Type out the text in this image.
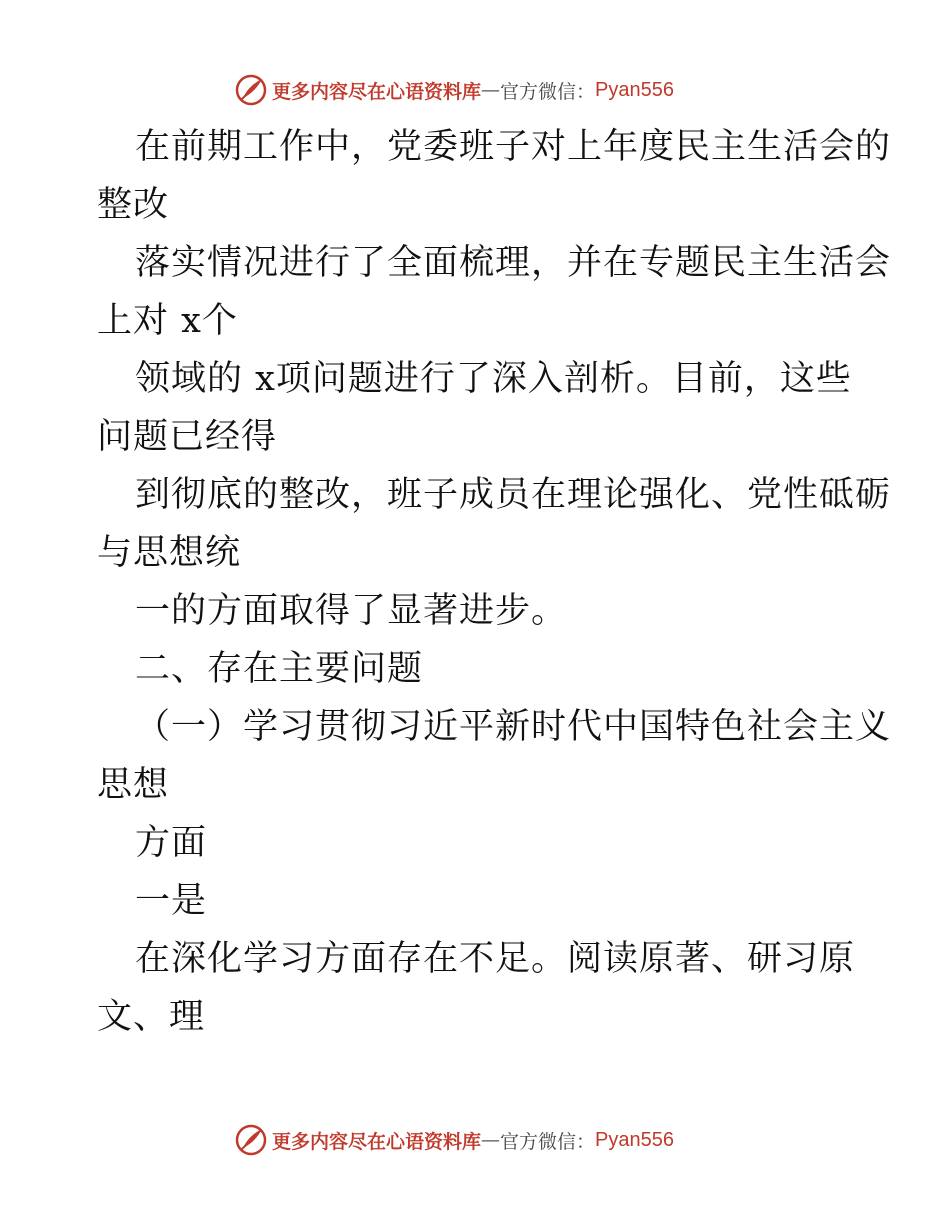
更多内容尽在心语资料库 — 官方微信： Pyan556
在前期工作中，党委班子对上年度民主生活会的
整改
落实情况进行了全面梳理，并在专题民主生活会
上对 x个
领域的 x项问题进行了深入剖析。目前，这些
问题已经得
到彻底的整改，班子成员在理论强化、党性砥砺
与思想统
一的方面取得了显著进步。
二、存在主要问题
（一）学习贯彻习近平新时代中国特色社会主义
思想
方面
一是
在深化学习方面存在不足。阅读原著、研习原
文、理
更多内容尽在心语资料库 — 官方微信： Pyan556
